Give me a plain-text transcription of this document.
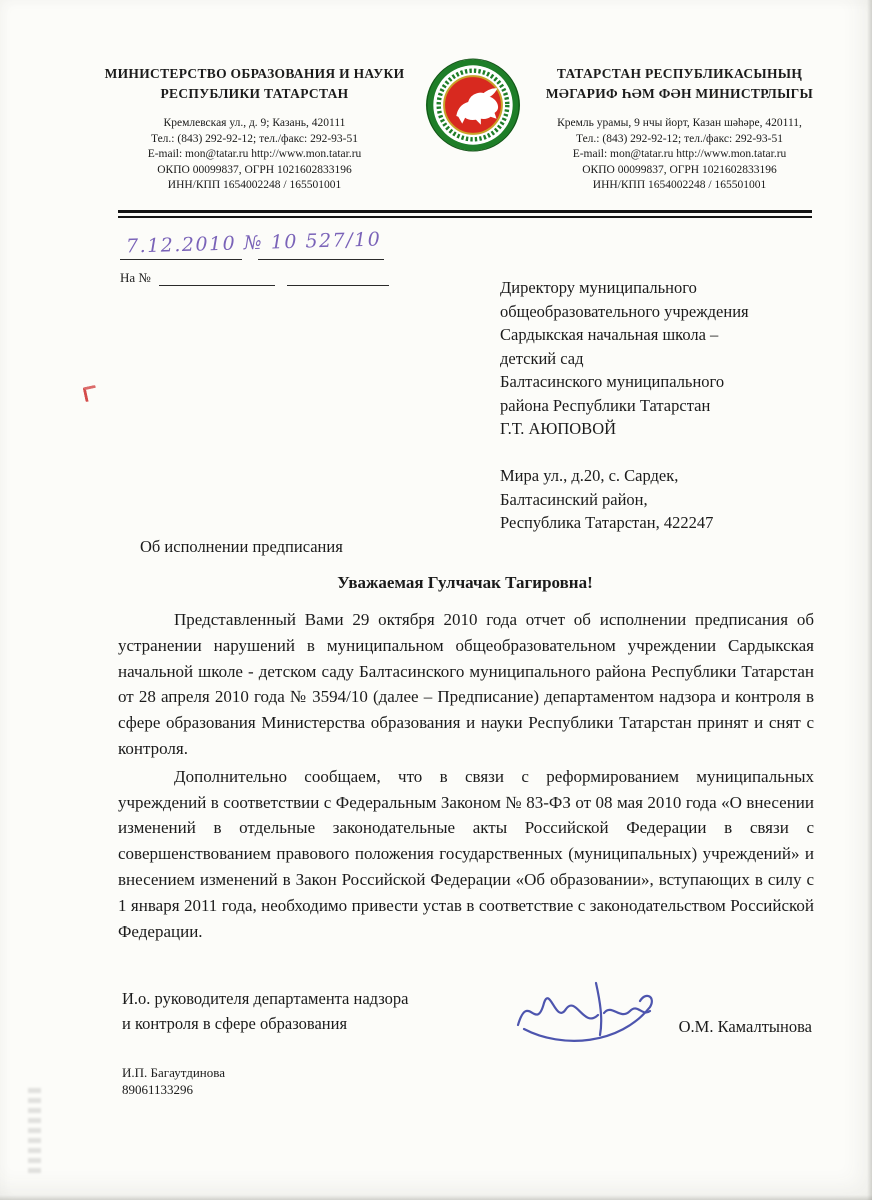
МИНИСТЕРСТВО ОБРАЗОВАНИЯ И НАУКИ
РЕСПУБЛИКИ ТАТАРСТАН
Кремлевская ул., д. 9; Казань, 420111
Тел.: (843) 292-92-12; тел./факс: 292-93-51
E-mail: mon@tatar.ru http://www.mon.tatar.ru
ОКПО 00099837, ОГРН 1021602833196
ИНН/КПП 1654002248 / 165501001
ТАТАРСТАН РЕСПУБЛИКАСЫНЫҢ
МӘГАРИФ ҺӘМ ФӘН МИНИСТРЛЫГЫ
Кремль урамы, 9 нчы йорт, Казан шәһәре, 420111,
Тел.: (843) 292-92-12; тел./факс: 292-93-51
E-mail: mon@tatar.ru http://www.mon.tatar.ru
ОКПО 00099837, ОГРН 1021602833196
ИНН/КПП 1654002248 / 165501001
7.12.2010 № 10 527/10
На №
Директору муниципального
общеобразовательного учреждения
Сардыкская начальная школа –
детский сад
Балтасинского муниципального
района Республики Татарстан
Г.Т. АЮПОВОЙ
Мира ул., д.20, с. Сардек,
Балтасинский район,
Республика Татарстан, 422247
Об исполнении предписания
Уважаемая Гулчачак Тагировна!

Представленный Вами 29 октября 2010 года отчет об исполнении предписания об устранении нарушений в муниципальном общеобразовательном учреждении Сардыкская начальной школе - детском саду Балтасинского муниципального района Республики Татарстан от 28 апреля 2010 года № 3594/10 (далее – Предписание) департаментом надзора и контроля в сфере образования Министерства образования и науки Республики Татарстан принят и снят с контроля.

Дополнительно сообщаем, что в связи с реформированием муниципальных учреждений в соответствии с Федеральным Законом № 83-ФЗ от 08 мая 2010 года «О внесении изменений в отдельные законодательные акты Российской Федерации в связи с совершенствованием правового положения государственных (муниципальных) учреждений» и внесением изменений в Закон Российской Федерации «Об образовании», вступающих в силу с 1 января 2011 года, необходимо привести устав в соответствие с законодательством Российской Федерации.

И.о. руководителя департамента надзора
и контроля в сфере образования	О.М. Камалтынова
И.П. Багаутдинова
89061133296
